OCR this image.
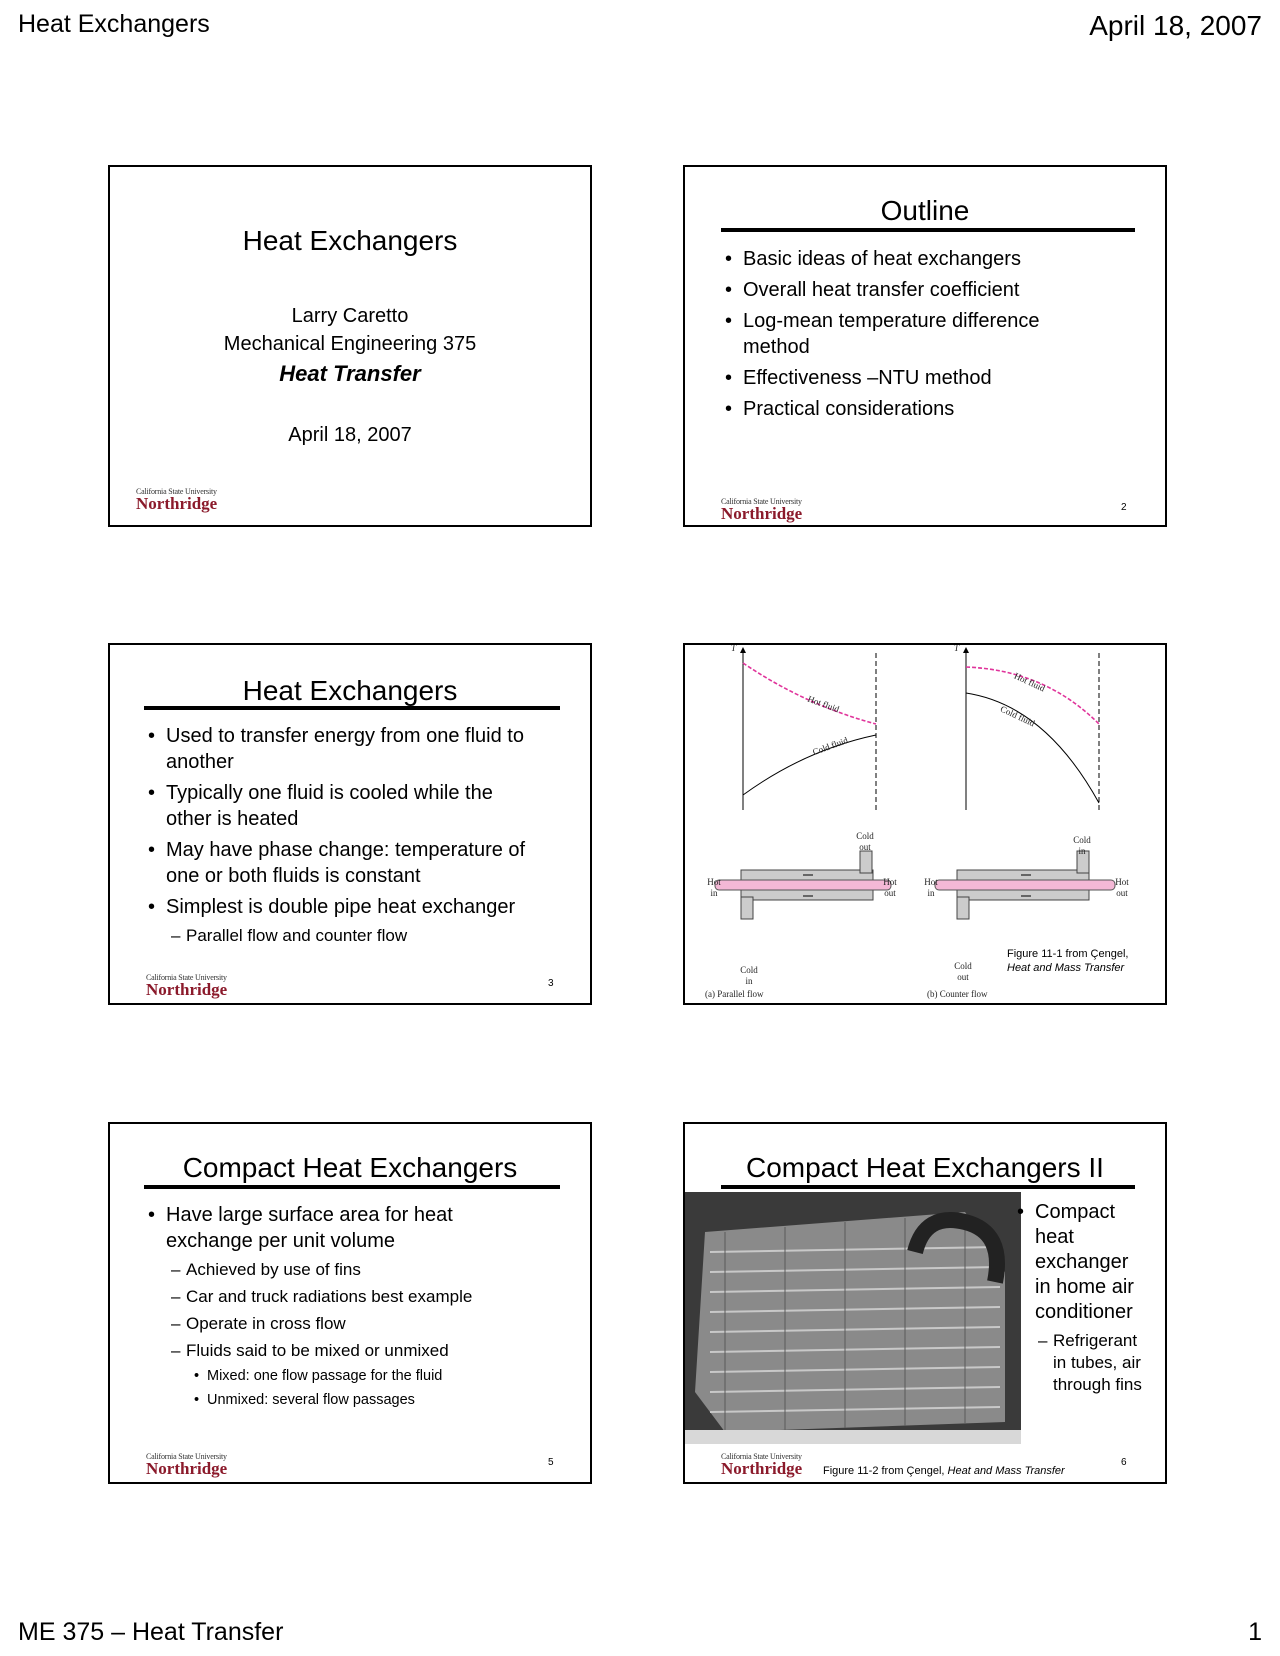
Heat Exchangers	April 18, 2007
Heat Exchangers
Larry Caretto
Mechanical Engineering 375
Heat Transfer
April 18, 2007
California State University
Northridge
Outline
• Basic ideas of heat exchangers
• Overall heat transfer coefficient
• Log-mean temperature difference method
• Effectiveness –NTU method
• Practical considerations
California State University
Northridge	2
Heat Exchangers
• Used to transfer energy from one fluid to another
• Typically one fluid is cooled while the other is heated
• May have phase change: temperature of one or both fluids is constant
• Simplest is double pipe heat exchanger
– Parallel flow and counter flow
California State University
Northridge	3
T	T
Hot fluid
Cold fluid
Hot fluid
Cold fluid
Cold out
Hot in
Hot out
Cold in
Cold in
Hot in
Hot out
Cold out
(a) Parallel flow	(b) Counter flow
Figure 11-1 from Çengel,
Heat and Mass Transfer
Compact Heat Exchangers
• Have large surface area for heat exchange per unit volume
– Achieved by use of fins
– Car and truck radiations best example
– Operate in cross flow
– Fluids said to be mixed or unmixed
• Mixed: one flow passage for the fluid
• Unmixed: several flow passages
California State University
Northridge	5
Compact Heat Exchangers II
• Compact heat exchanger in home air conditioner
– Refrigerant in tubes, air through fins
California State University
Northridge Figure 11-2 from Çengel, Heat and Mass Transfer
6
ME 375 – Heat Transfer	1
